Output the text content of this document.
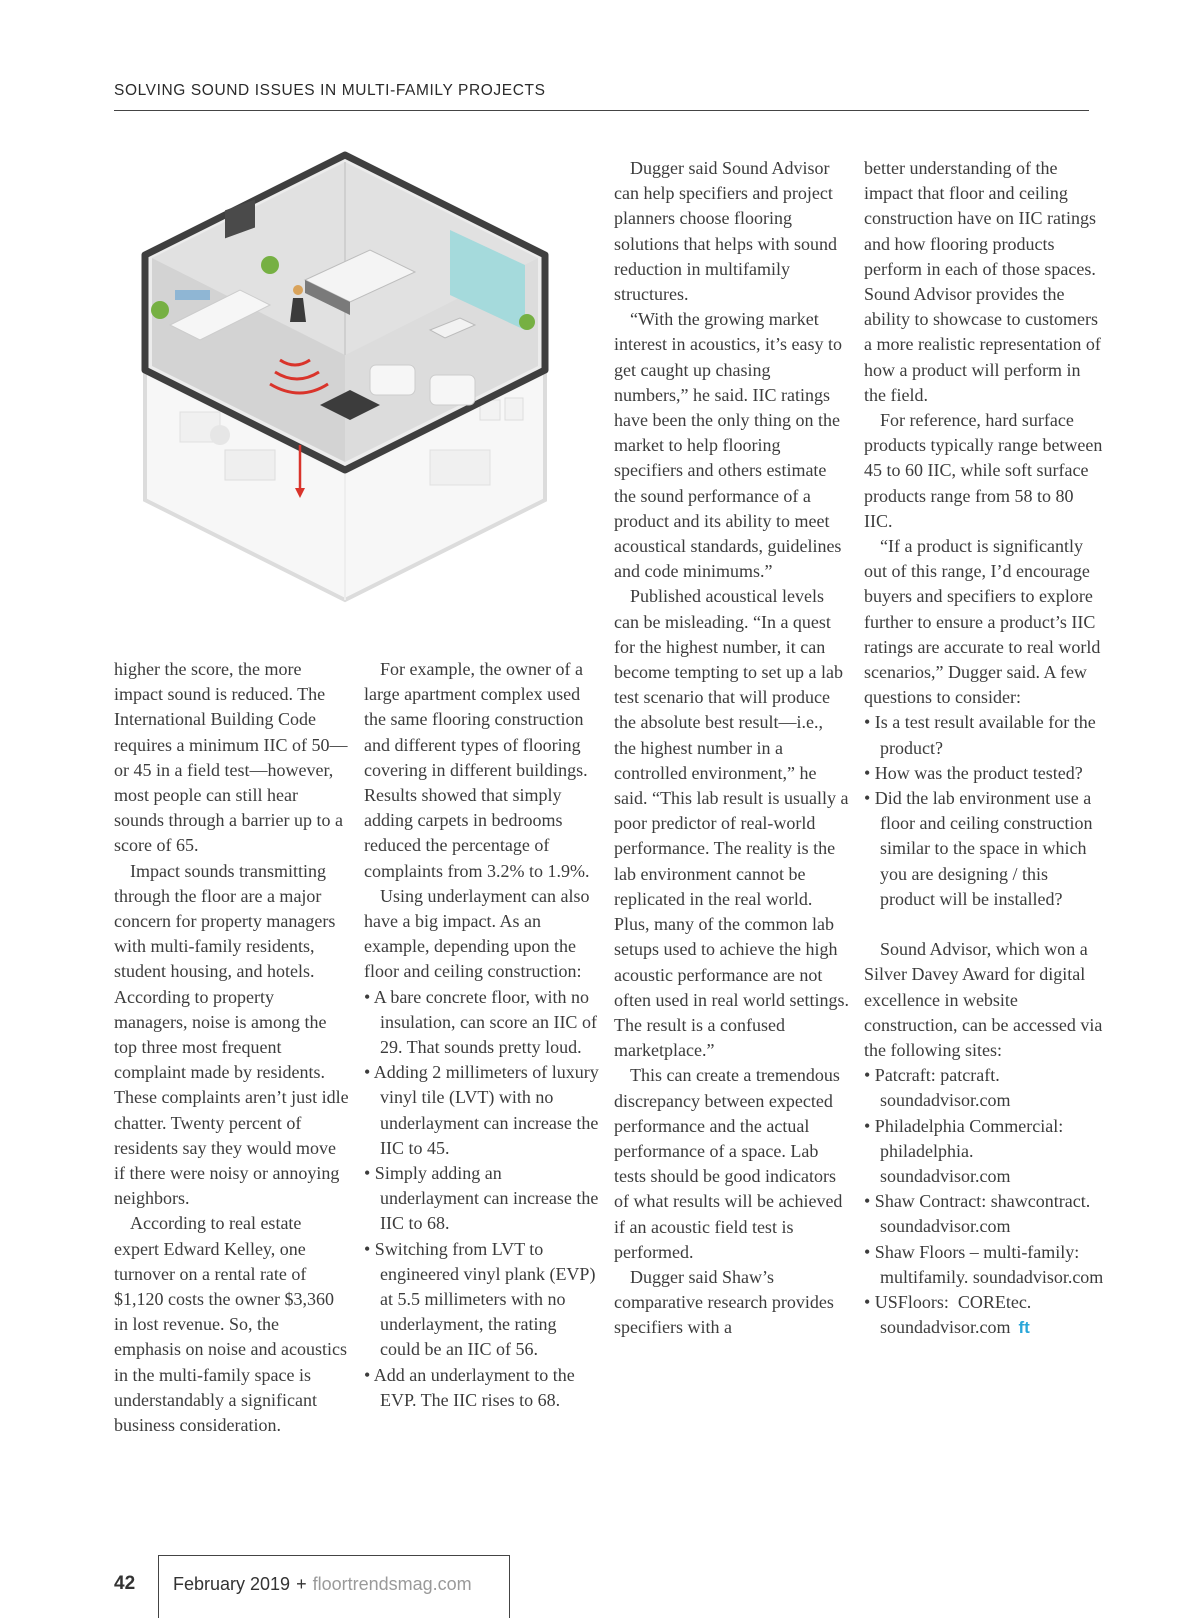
SOLVING SOUND ISSUES IN MULTI-FAMILY PROJECTS

higher the score, the more impact sound is reduced. The International Building Code requires a minimum IIC of 50—or 45 in a field test—however, most people can still hear sounds through a barrier up to a score of 65.

Impact sounds transmitting through the floor are a major concern for property managers with multi-family residents, student housing, and hotels. According to property managers, noise is among the top three most frequent complaint made by residents. These complaints aren’t just idle chatter. Twenty percent of residents say they would move if there were noisy or annoying neighbors.

According to real estate expert Edward Kelley, one turnover on a rental rate of $1,120 costs the owner $3,360 in lost revenue. So, the emphasis on noise and acoustics in the multi-family space is understandably a significant business consideration.

For example, the owner of a large apartment complex used the same flooring construction and different types of flooring covering in different buildings. Results showed that simply adding carpets in bedrooms reduced the percentage of complaints from 3.2% to 1.9%.

Using underlayment can also have a big impact. As an example, depending upon the floor and ceiling construction:

• A bare concrete floor, with no insulation, can score an IIC of 29. That sounds pretty loud.

• Adding 2 millimeters of luxury vinyl tile (LVT) with no underlayment can increase the IIC to 45.

• Simply adding an underlayment can increase the IIC to 68.

• Switching from LVT to engineered vinyl plank (EVP) at 5.5 millimeters with no underlayment, the rating could be an IIC of 56.

• Add an underlayment to the EVP. The IIC rises to 68.

Dugger said Sound Advisor can help specifiers and project planners choose flooring solutions that helps with sound reduction in multifamily structures.

“With the growing market interest in acoustics, it’s easy to get caught up chasing numbers,” he said. IIC ratings have been the only thing on the market to help flooring specifiers and others estimate the sound performance of a product and its ability to meet acoustical standards, guidelines and code minimums.”

Published acoustical levels can be misleading. “In a quest for the highest number, it can become tempting to set up a lab test scenario that will produce the absolute best result—i.e., the highest number in a controlled environment,” he said. “This lab result is usually a poor predictor of real-world performance. The reality is the lab environment cannot be replicated in the real world. Plus, many of the common lab setups used to achieve the high acoustic performance are not often used in real world settings. The result is a confused marketplace.”

This can create a tremendous discrepancy between expected performance and the actual performance of a space. Lab tests should be good indicators of what results will be achieved if an acoustic field test is performed.

Dugger said Shaw’s comparative research provides specifiers with a

better understanding of the impact that floor and ceiling construction have on IIC ratings and how flooring products perform in each of those spaces. Sound Advisor provides the ability to showcase to customers a more realistic representation of how a product will perform in the field.

For reference, hard surface products typically range between 45 to 60 IIC, while soft surface products range from 58 to 80 IIC.

“If a product is significantly out of this range, I’d encourage buyers and specifiers to explore further to ensure a product’s IIC ratings are accurate to real world scenarios,” Dugger said. A few questions to consider:

• Is a test result available for the product?

• How was the product tested?

• Did the lab environment use a floor and ceiling construction similar to the space in which you are designing / this product will be installed?

Sound Advisor, which won a Silver Davey Award for digital excellence in website construction, can be accessed via the following sites:

• Patcraft: patcraft. soundadvisor.com

• Philadelphia Commercial: philadelphia. soundadvisor.com

• Shaw Contract: shawcontract. soundadvisor.com

• Shaw Floors – multi-family: multifamily. soundadvisor.com

• USFloors:  COREtec. soundadvisor.com ft

42 February 2019 + floortrendsmag.com
